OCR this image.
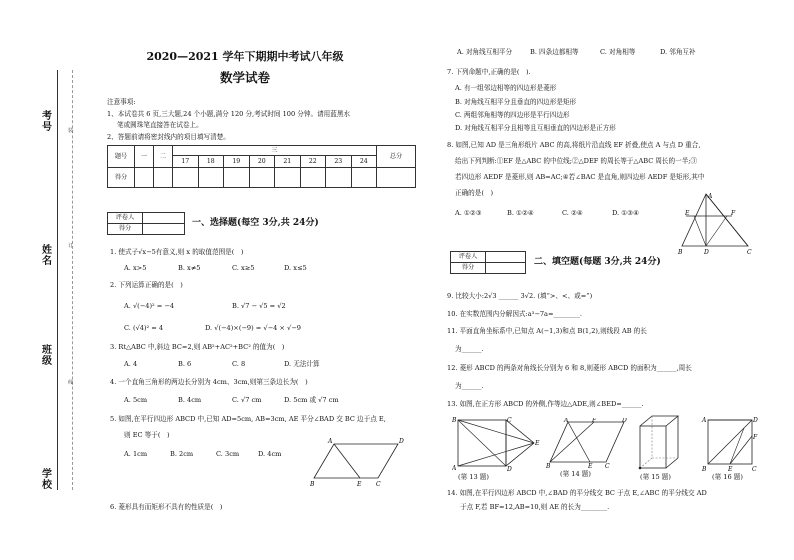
装
订
线
考号
姓名
班级
学校
2020—2021 学年下期期中考试八年级
数学试卷
注意事项:
1、本试卷共 6 页,三大题,24 个小题,满分 120 分,考试时间 100 分钟。请用蓝黑水
笔或圆珠笔直接答在试卷上。
2、答题前请将密封线内的项目填写清楚。
题号	一	二	三								总分
			17	18	19	20	21	22	23	24	
得分											
评卷人	
得分	
一、选择题(每空 3分,共 24分)
1. 使式子√x−5有意义,则 x 的取值范围是(　)
A. x>5	B. x≠5	C. x≥5	D. x≤5
2. 下列运算正确的是(　)
A. √(−4)² = −4	B. √7 − √5 = √2
C. (√4)² = 4	D. √(−4)×(−9) = √−4 × √−9
3. Rt△ABC 中,斜边 BC=2,则 AB²+AC²+BC² 的值为(　)
A. 4	B. 6	C. 8	D. 无法计算
4. 一个直角三角形的两边长分别为 4cm、3cm,则第三条边长为(　)
A. 5cm	B. 4cm	C. √7 cm	D. 5cm 或 √7 cm
5. 如图,在平行四边形 ABCD 中,已知 AD=5cm, AB=3cm, AE 平分∠BAD 交 BC 边于点 E,
则 EC 等于(　)
A. 1cm	B. 2cm	C. 3cm	D. 4cm
A	D
B	E C
6. 菱形具有而矩形不具有的性质是(　)
A. 对角线互相平分	B. 四条边都相等	C. 对角相等	D. 邻角互补
7. 下列命题中,正确的是(　).
A. 有一组邻边相等的四边形是菱形
B. 对角线互相平分且垂直的四边形是矩形
C. 两组邻角相等的四边形是平行四边形
D. 对角线互相平分且相等且互相垂直的四边形是正方形
8. 如图,已知 AD 是三角形纸片 ABC 的高,将纸片沿直线 EF 折叠,使点 A 与点 D 重合,
给出下列判断:①EF 是△ABC 的中位线;②△DEF 的周长等于△ABC 周长的一半;③
若四边形 AEDF 是菱形,则 AB=AC;④若∠BAC 是直角,则四边形 AEDF 是矩形,其中
正确的是(　)
A. ①②③	B. ①②④	C. ②④	D. ①③④
A
E	F
B	D	C
评卷人	
得分	
二、填空题(每题 3分,共 24分)
9. 比较大小:2√3 ______ 3√2. (填“>、<、或=”)
10. 在实数范围内分解因式:a³−7a=________.
11. 平面直角坐标系中,已知点 A(−1,3)和点 B(1,2),则线段 AB 的长
为______.
12. 菱形 ABCD 的两条对角线长分别为 6 和 8,则菱形 ABCD 的面积为______,周长
为______.
13. 如图,在正方形 ABCD 的外侧,作等边△ADE,则∠BED=______.
B
A
C
D
E
(第 13 题)
A	F	D
B	E C
(第 14 题)	(第 15 题)
A	D
F
B	E	C
(第 16 题)
14. 如图,在平行四边形 ABCD 中,∠BAD 的平分线交 BC 于点 E,∠ABC 的平分线交 AD
于点 F,若 BF=12,AB=10,则 AE 的长为________.
